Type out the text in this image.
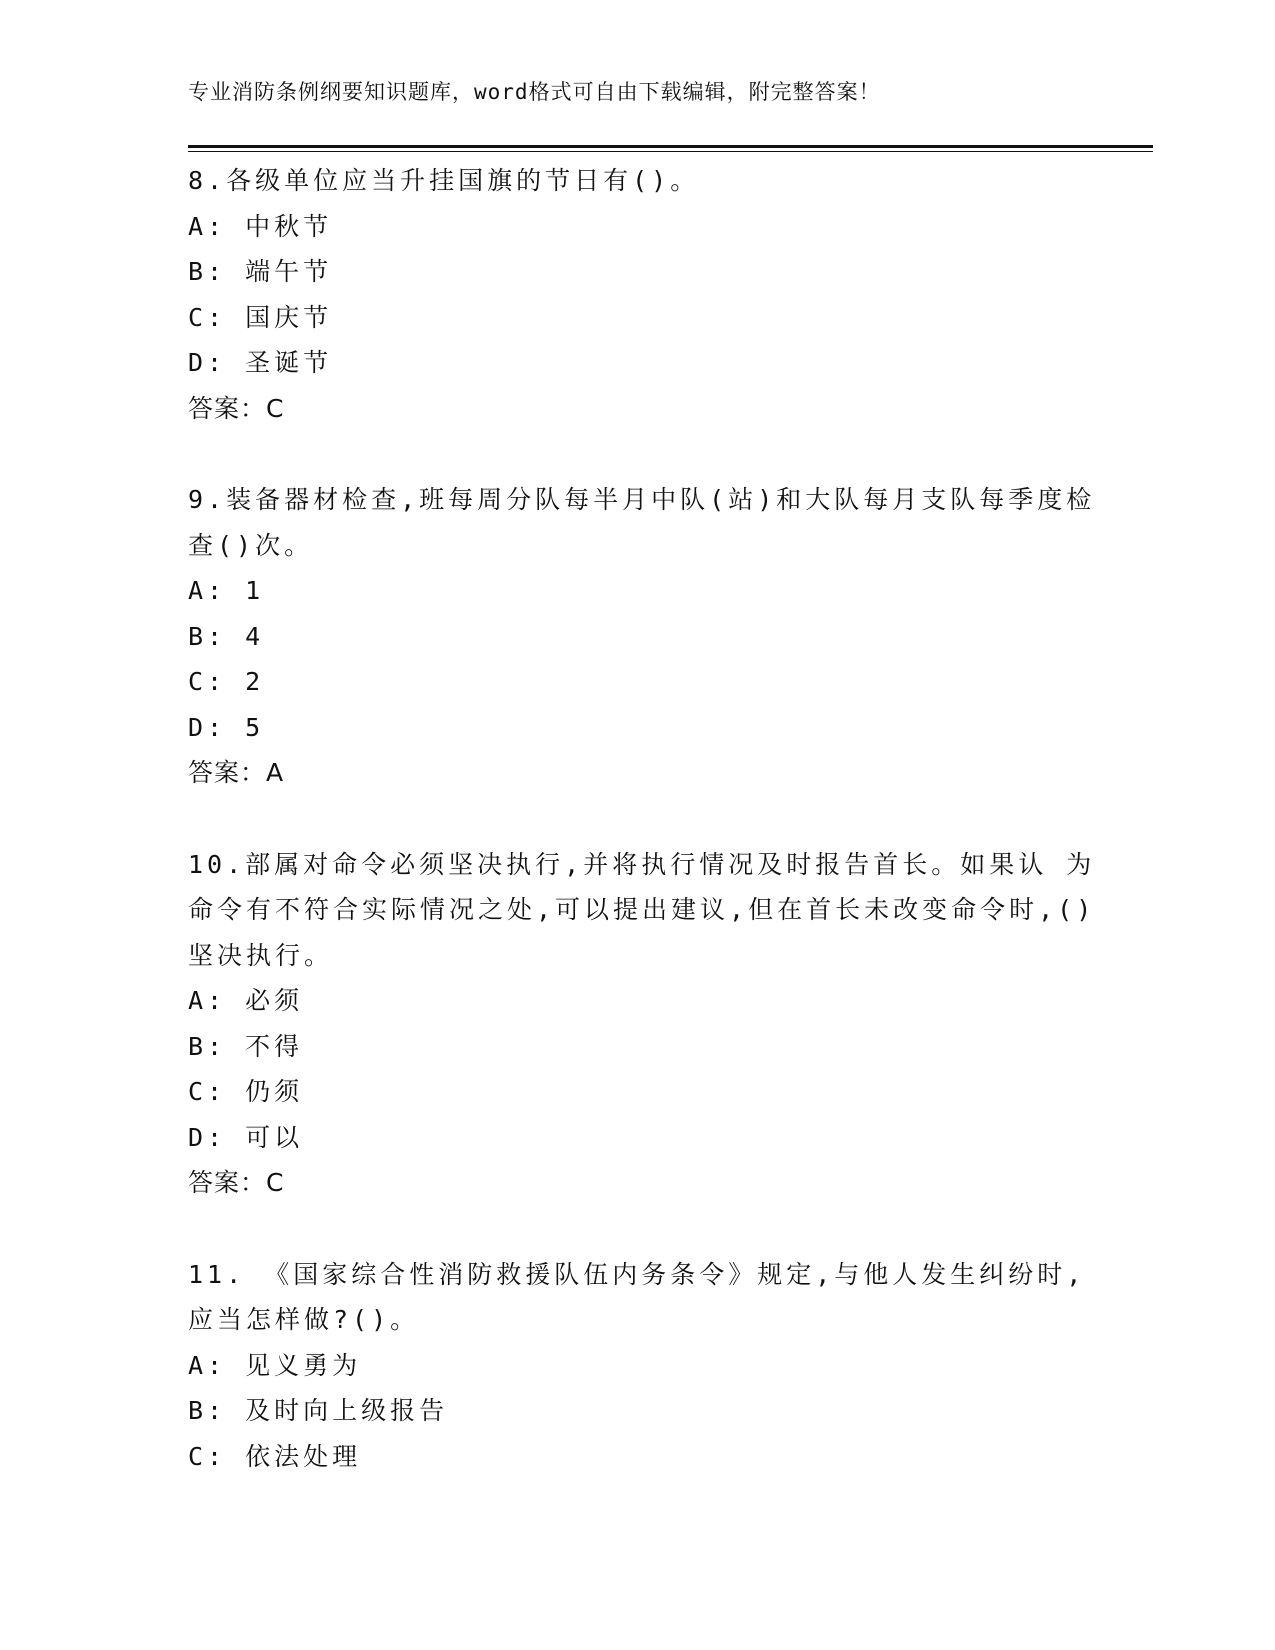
专业消防条例纲要知识题库，word格式可自由下载编辑，附完整答案！
8.各级单位应当升挂国旗的节日有()。
A: 中秋节
B: 端午节
C: 国庆节
D: 圣诞节
答案：C
9.装备器材检查,班每周分队每半月中队(站)和大队每月支队每季度检
查()次。
A: 1
B: 4
C: 2
D: 5
答案：A
10.部属对命令必须坚决执行,并将执行情况及时报告首长。如果认 为
命令有不符合实际情况之处,可以提出建议,但在首长未改变命令时,()
坚决执行。
A: 必须
B: 不得
C: 仍须
D: 可以
答案：C
11. 《国家综合性消防救援队伍内务条令》规定,与他人发生纠纷时,
应当怎样做?()。
A: 见义勇为
B: 及时向上级报告
C: 依法处理
